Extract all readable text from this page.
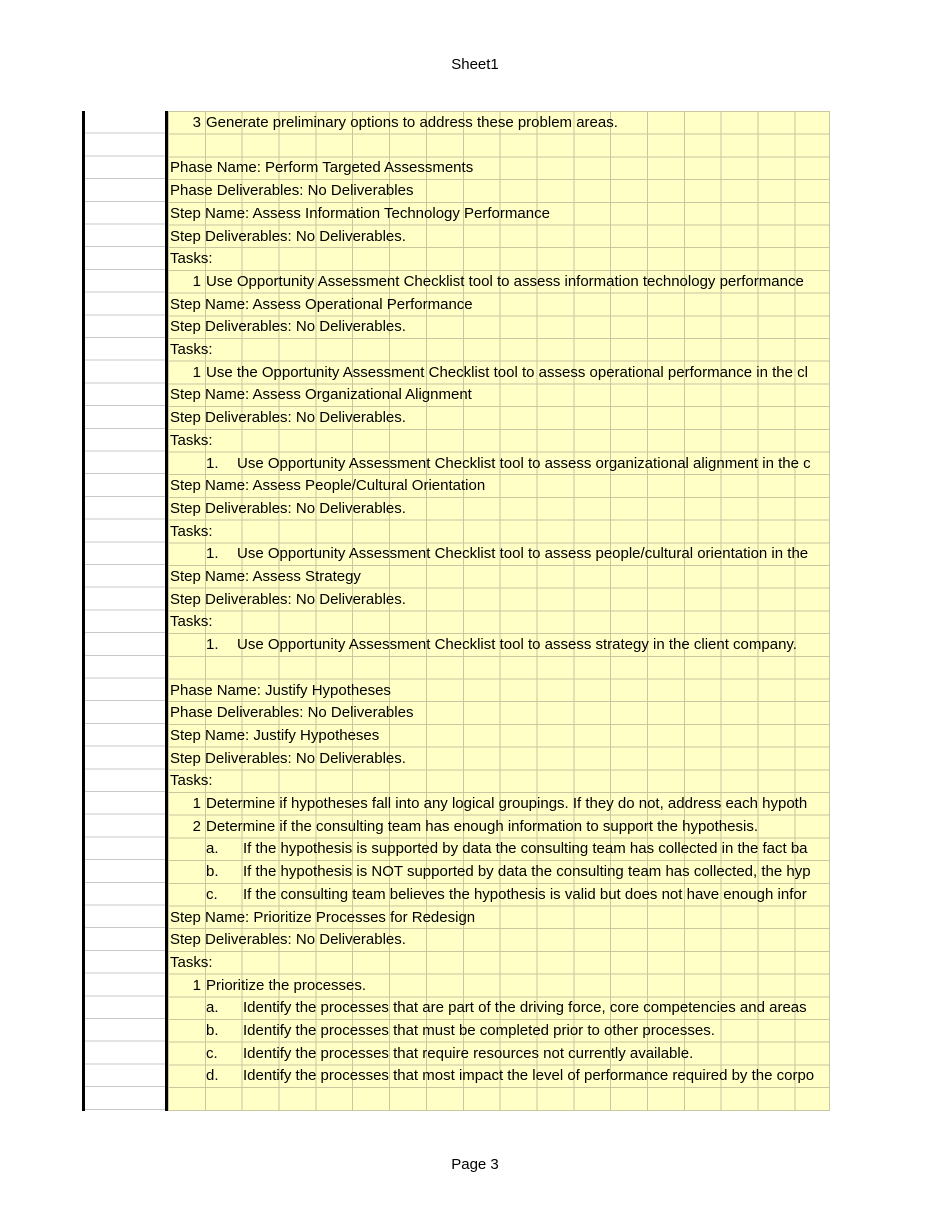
Sheet1
3 Generate preliminary options to address these problem areas.
Phase Name: Perform Targeted Assessments
Phase Deliverables: No Deliverables
Step Name: Assess Information Technology Performance
Step Deliverables: No Deliverables.
Tasks:
1 Use Opportunity Assessment Checklist tool to assess information technology performance
Step Name: Assess Operational Performance
Step Deliverables: No Deliverables.
Tasks:
1 Use the Opportunity Assessment Checklist tool to assess operational performance in the cl
Step Name: Assess Organizational Alignment
Step Deliverables: No Deliverables.
Tasks:
1. Use Opportunity Assessment Checklist tool to assess organizational alignment in the c
Step Name: Assess People/Cultural Orientation
Step Deliverables: No Deliverables.
Tasks:
1. Use Opportunity Assessment Checklist tool to assess people/cultural orientation in the
Step Name: Assess Strategy
Step Deliverables: No Deliverables.
Tasks:
1. Use Opportunity Assessment Checklist tool to assess strategy in the client company.
Phase Name: Justify Hypotheses
Phase Deliverables: No Deliverables
Step Name: Justify Hypotheses
Step Deliverables: No Deliverables.
Tasks:
1 Determine if hypotheses fall into any logical groupings. If they do not, address each hypoth
2 Determine if the consulting team has enough information to support the hypothesis.
a. If the hypothesis is supported by data the consulting team has collected in the fact ba
b. If the hypothesis is NOT supported by data the consulting team has collected, the hyp
c. If the consulting team believes the hypothesis is valid but does not have enough infor
Step Name: Prioritize Processes for Redesign
Step Deliverables: No Deliverables.
Tasks:
1 Prioritize the processes.
a. Identify the processes that are part of the driving force, core competencies and areas
b. Identify the processes that must be completed prior to other processes.
c. Identify the processes that require resources not currently available.
d. Identify the processes that most impact the level of performance required by the corpo
Page 3
